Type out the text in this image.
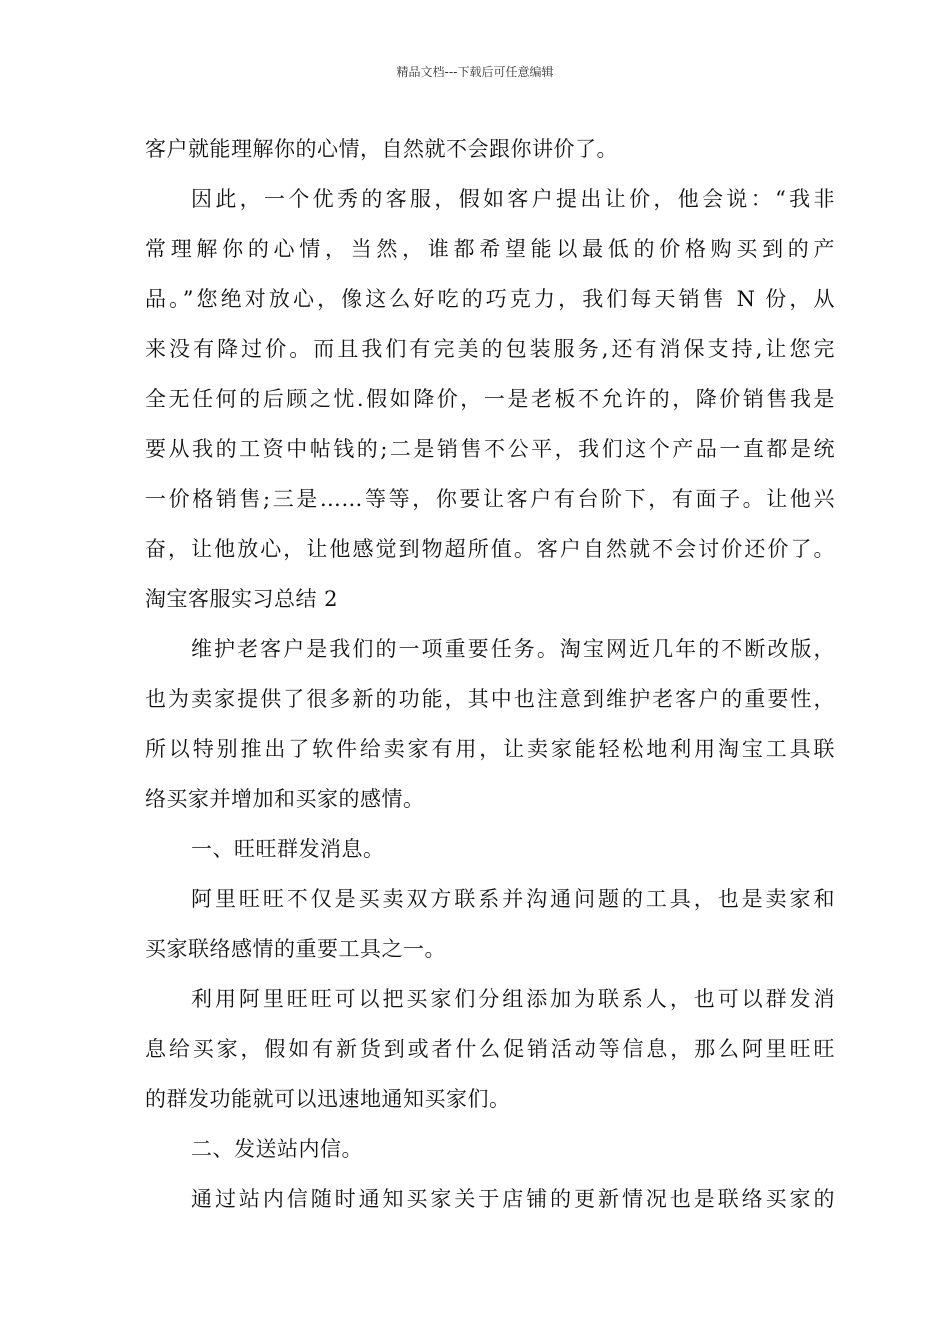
精品文档---下载后可任意编辑
客户就能理解你的心情，自然就不会跟你讲价了。
因此，一个优秀的客服，假如客户提出让价，他会说：“我非
常理解你的心情，当然，谁都希望能以最低的价格购买到的产
品。”您绝对放心，像这么好吃的巧克力，我们每天销售 N 份，从
来没有降过价。而且我们有完美的包装服务,还有消保支持,让您完
全无任何的后顾之忧.假如降价，一是老板不允许的，降价销售我是
要从我的工资中帖钱的;二是销售不公平，我们这个产品一直都是统
一价格销售;三是……等等，你要让客户有台阶下，有面子。让他兴
奋，让他放心，让他感觉到物超所值。客户自然就不会讨价还价了。
淘宝客服实习总结 2
维护老客户是我们的一项重要任务。淘宝网近几年的不断改版，
也为卖家提供了很多新的功能，其中也注意到维护老客户的重要性，
所以特别推出了软件给卖家有用，让卖家能轻松地利用淘宝工具联
络买家并增加和买家的感情。
一、旺旺群发消息。
阿里旺旺不仅是买卖双方联系并沟通问题的工具，也是卖家和
买家联络感情的重要工具之一。
利用阿里旺旺可以把买家们分组添加为联系人，也可以群发消
息给买家，假如有新货到或者什么促销活动等信息，那么阿里旺旺
的群发功能就可以迅速地通知买家们。
二、发送站内信。
通过站内信随时通知买家关于店铺的更新情况也是联络买家的
